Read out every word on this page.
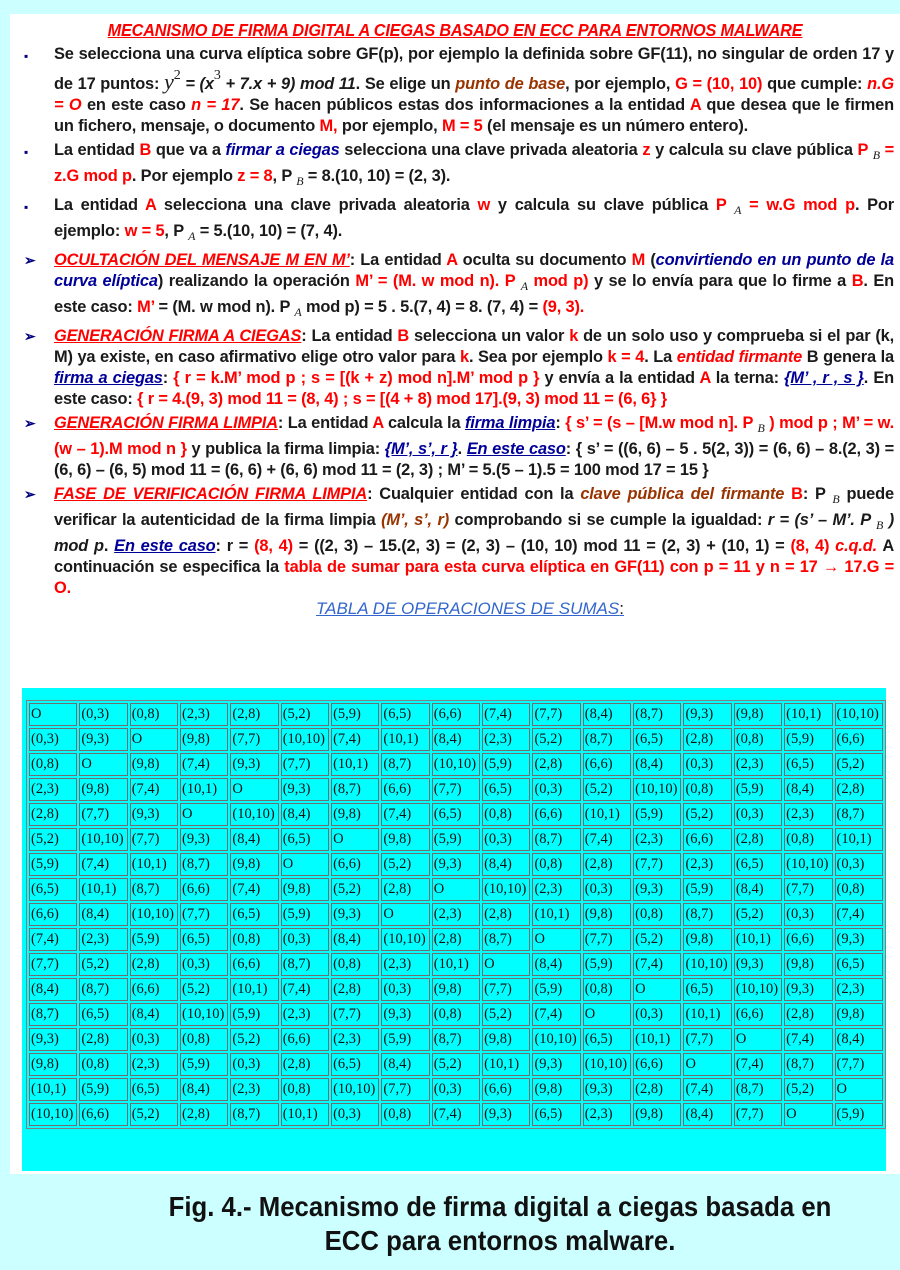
MECANISMO DE FIRMA DIGITAL A CIEGAS BASADO EN ECC PARA ENTORNOS MALWARE
▪ Se selecciona una curva elíptica sobre GF(p), por ejemplo la definida sobre GF(11), no singular de orden 17 y de 17 puntos: y2 = (x3 + 7.x + 9) mod 11. Se elige un punto de base, por ejemplo, G = (10, 10) que cumple: n.G = O en este caso n = 17. Se hacen públicos estas dos informaciones a la entidad A que desea que le firmen un fichero, mensaje, o documento M, por ejemplo, M = 5 (el mensaje es un número entero).
▪ La entidad B que va a firmar a ciegas selecciona una clave privada aleatoria z y calcula su clave pública P $_B$ = z.G mod p. Por ejemplo z = 8, P $_B$ = 8.(10, 10) = (2, 3).
▪ La entidad A selecciona una clave privada aleatoria w y calcula su clave pública P $_A$ = w.G mod p. Por ejemplo: w = 5, P $_A$ = 5.(10, 10) = (7, 4).
➢ OCULTACIÓN DEL MENSAJE M EN M’: La entidad A oculta su documento M (convirtiendo en un punto de la curva elíptica) realizando la operación M’ = (M. w mod n). P $_A$ mod p) y se lo envía para que lo firme a B. En este caso: M’ = (M. w mod n). P $_A$ mod p) = 5 . 5.(7, 4) = 8. (7, 4) = (9, 3).
➢ GENERACIÓN FIRMA A CIEGAS: La entidad B selecciona un valor k de un solo uso y comprueba si el par (k, M) ya existe, en caso afirmativo elige otro valor para k. Sea por ejemplo k = 4. La entidad firmante B genera la firma a ciegas: { r = k.M’ mod p ; s = [(k + z) mod n].M’ mod p } y envía a la entidad A la terna: {M’ , r , s }. En este caso: { r = 4.(9, 3) mod 11 = (8, 4) ; s = [(4 + 8) mod 17].(9, 3) mod 11 = (6, 6} }
➢ GENERACIÓN FIRMA LIMPIA: La entidad A calcula la firma limpia: { s’ = (s – [M.w mod n]. P $_B$ ) mod p ; M’ = w.(w – 1).M mod n } y publica la firma limpia: {M’, s’, r }. En este caso: { s’ = ((6, 6) – 5 . 5(2, 3)) = (6, 6) – 8.(2, 3) = (6, 6) – (6, 5) mod 11 = (6, 6) + (6, 6) mod 11 = (2, 3) ; M’ = 5.(5 – 1).5 = 100 mod 17 = 15 }
➢ FASE DE VERIFICACIÓN FIRMA LIMPIA: Cualquier entidad con la clave pública del firmante B: P $_B$ puede verificar la autenticidad de la firma limpia (M’, s’, r) comprobando si se cumple la igualdad: r = (s’ – M’. P $_B$ ) mod p. En este caso: r = (8, 4) = ((2, 3) – 15.(2, 3) = (2, 3) – (10, 10) mod 11 = (2, 3) + (10, 1) = (8, 4) c.q.d. A continuación se especifica la tabla de sumar para esta curva elíptica en GF(11) con p = 11 y n = 17 → 17.G = O.
TABLA DE OPERACIONES DE SUMAS:
O	(0,3)	(0,8)	(2,3)	(2,8)	(5,2)	(5,9)	(6,5)	(6,6)	(7,4)	(7,7)	(8,4)	(8,7)	(9,3)	(9,8)	(10,1)	(10,10)
(0,3)	(9,3)	O	(9,8)	(7,7)	(10,10)	(7,4)	(10,1)	(8,4)	(2,3)	(5,2)	(8,7)	(6,5)	(2,8)	(0,8)	(5,9)	(6,6)
(0,8)	O	(9,8)	(7,4)	(9,3)	(7,7)	(10,1)	(8,7)	(10,10)	(5,9)	(2,8)	(6,6)	(8,4)	(0,3)	(2,3)	(6,5)	(5,2)
(2,3)	(9,8)	(7,4)	(10,1)	O	(9,3)	(8,7)	(6,6)	(7,7)	(6,5)	(0,3)	(5,2)	(10,10)	(0,8)	(5,9)	(8,4)	(2,8)
(2,8)	(7,7)	(9,3)	O	(10,10)	(8,4)	(9,8)	(7,4)	(6,5)	(0,8)	(6,6)	(10,1)	(5,9)	(5,2)	(0,3)	(2,3)	(8,7)
(5,2)	(10,10)	(7,7)	(9,3)	(8,4)	(6,5)	O	(9,8)	(5,9)	(0,3)	(8,7)	(7,4)	(2,3)	(6,6)	(2,8)	(0,8)	(10,1)
(5,9)	(7,4)	(10,1)	(8,7)	(9,8)	O	(6,6)	(5,2)	(9,3)	(8,4)	(0,8)	(2,8)	(7,7)	(2,3)	(6,5)	(10,10)	(0,3)
(6,5)	(10,1)	(8,7)	(6,6)	(7,4)	(9,8)	(5,2)	(2,8)	O	(10,10)	(2,3)	(0,3)	(9,3)	(5,9)	(8,4)	(7,7)	(0,8)
(6,6)	(8,4)	(10,10)	(7,7)	(6,5)	(5,9)	(9,3)	O	(2,3)	(2,8)	(10,1)	(9,8)	(0,8)	(8,7)	(5,2)	(0,3)	(7,4)
(7,4)	(2,3)	(5,9)	(6,5)	(0,8)	(0,3)	(8,4)	(10,10)	(2,8)	(8,7)	O	(7,7)	(5,2)	(9,8)	(10,1)	(6,6)	(9,3)
(7,7)	(5,2)	(2,8)	(0,3)	(6,6)	(8,7)	(0,8)	(2,3)	(10,1)	O	(8,4)	(5,9)	(7,4)	(10,10)	(9,3)	(9,8)	(6,5)
(8,4)	(8,7)	(6,6)	(5,2)	(10,1)	(7,4)	(2,8)	(0,3)	(9,8)	(7,7)	(5,9)	(0,8)	O	(6,5)	(10,10)	(9,3)	(2,3)
(8,7)	(6,5)	(8,4)	(10,10)	(5,9)	(2,3)	(7,7)	(9,3)	(0,8)	(5,2)	(7,4)	O	(0,3)	(10,1)	(6,6)	(2,8)	(9,8)
(9,3)	(2,8)	(0,3)	(0,8)	(5,2)	(6,6)	(2,3)	(5,9)	(8,7)	(9,8)	(10,10)	(6,5)	(10,1)	(7,7)	O	(7,4)	(8,4)
(9,8)	(0,8)	(2,3)	(5,9)	(0,3)	(2,8)	(6,5)	(8,4)	(5,2)	(10,1)	(9,3)	(10,10)	(6,6)	O	(7,4)	(8,7)	(7,7)
(10,1)	(5,9)	(6,5)	(8,4)	(2,3)	(0,8)	(10,10)	(7,7)	(0,3)	(6,6)	(9,8)	(9,3)	(2,8)	(7,4)	(8,7)	(5,2)	O
(10,10)	(6,6)	(5,2)	(2,8)	(8,7)	(10,1)	(0,3)	(0,8)	(7,4)	(9,3)	(6,5)	(2,3)	(9,8)	(8,4)	(7,7)	O	(5,9)
Fig. 4.- Mecanismo de firma digital a ciegas basada en
ECC para entornos malware.
